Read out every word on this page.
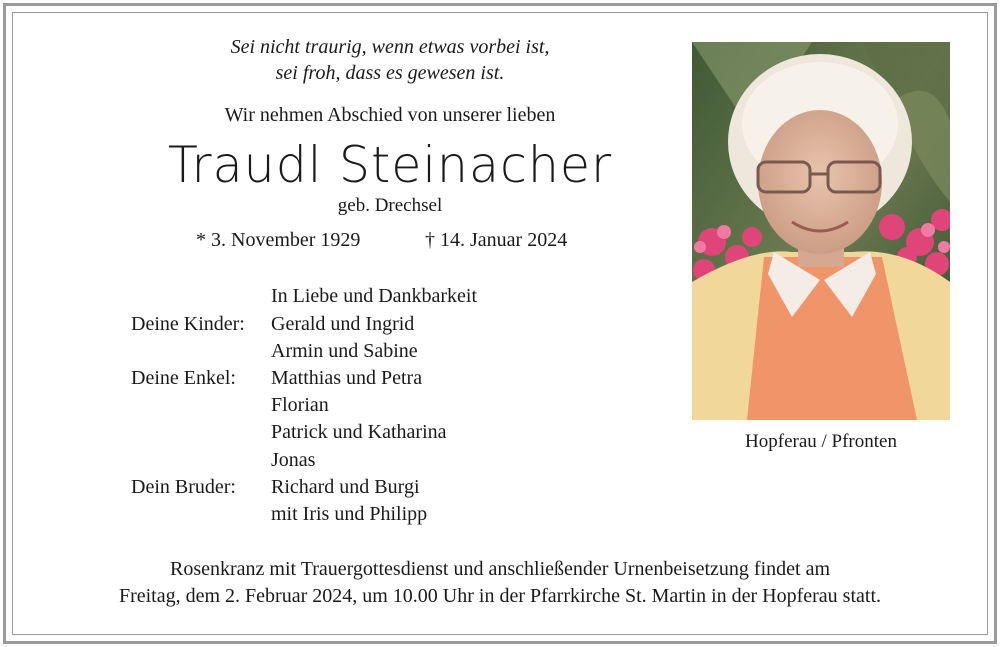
Sei nicht traurig, wenn etwas vorbei ist,
sei froh, dass es gewesen ist.
Wir nehmen Abschied von unserer lieben
Traudl Steinacher
geb. Drechsel
* 3. November 1929	† 14. Januar 2024
In Liebe und Dankbarkeit
Deine Kinder: Gerald und Ingrid
Armin und Sabine
Deine Enkel: Matthias und Petra
Florian
Patrick und Katharina
Jonas
Dein Bruder: Richard und Burgi
mit Iris und Philipp
Hopferau / Pfronten
Rosenkranz mit Trauergottesdienst und anschließender Urnenbeisetzung findet am
Freitag, dem 2. Februar 2024, um 10.00 Uhr in der Pfarrkirche St. Martin in der Hopferau statt.
